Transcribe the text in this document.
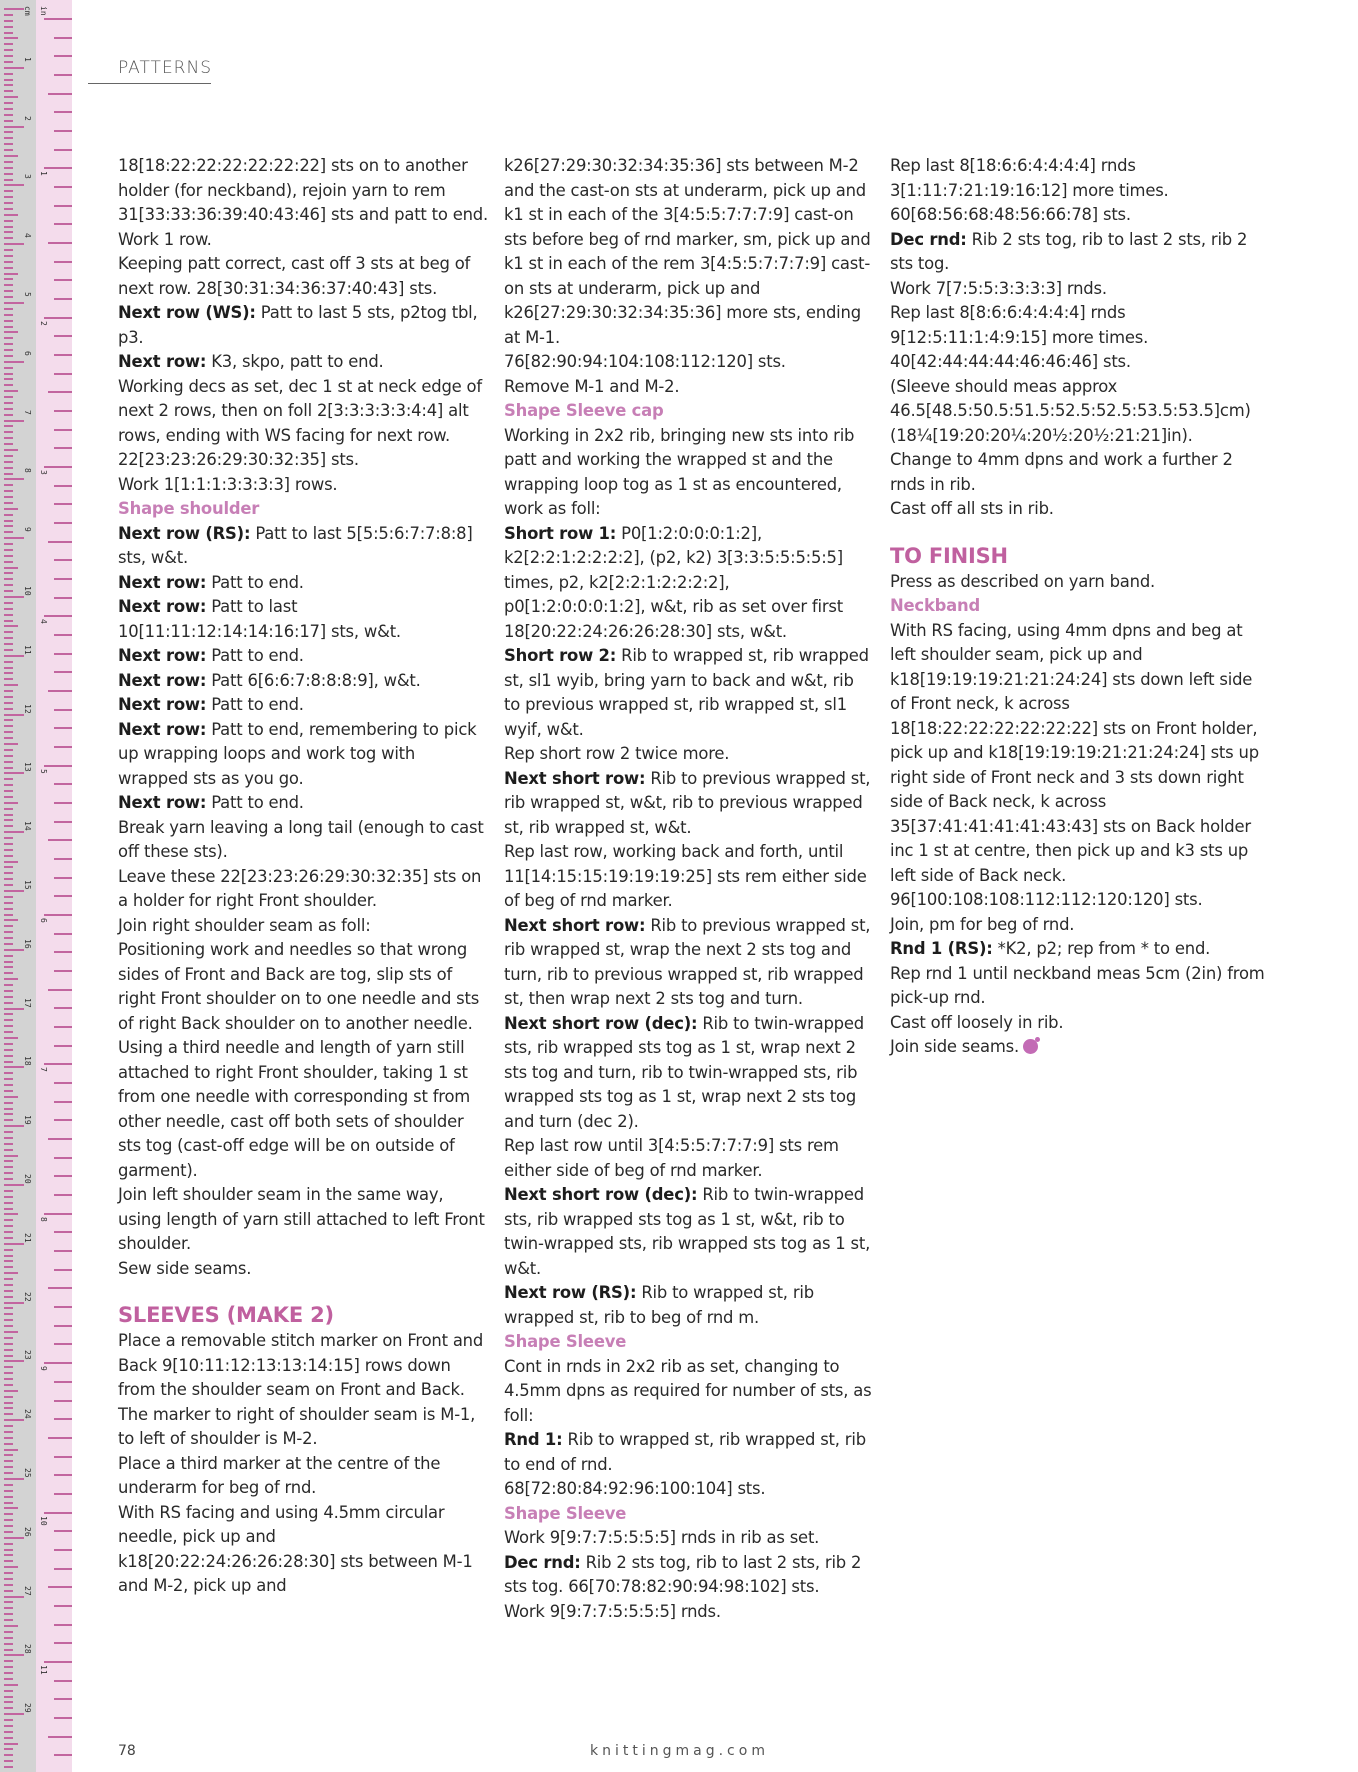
1
2
3
4
5
6
7
8
9
10
11
12
13
14
15
16
17
18
19
20
21
22
23
24
25
26
27
28
29
1
2
3
4
5
6
7
8
9
10
11
cm in
PATTERNS

18[18:22:22:22:22:22:22] sts on to another holder (for neckband), rejoin yarn to rem 31[33:33:36:39:40:43:46] sts and patt to end.

Work 1 row.

Keeping patt correct, cast off 3 sts at beg of next row. 28[30:31:34:36:37:40:43] sts.

Next row (WS): Patt to last 5 sts, p2tog tbl, p3.

Next row: K3, skpo, patt to end.

Working decs as set, dec 1 st at neck edge of next 2 rows, then on foll 2[3:3:3:3:3:4:4] alt rows, ending with WS facing for next row. 22[23:23:26:29:30:32:35] sts.

Work 1[1:1:1:3:3:3:3] rows.

Shape shoulder

Next row (RS): Patt to last 5[5:5:6:7:7:8:8] sts, w&t.

Next row: Patt to end.

Next row: Patt to last 10[11:11:12:14:14:16:17] sts, w&t.

Next row: Patt to end.

Next row: Patt 6[6:6:7:8:8:8:9], w&t.

Next row: Patt to end.

Next row: Patt to end, remembering to pick up wrapping loops and work tog with wrapped sts as you go.

Next row: Patt to end.

Break yarn leaving a long tail (enough to cast off these sts).

Leave these 22[23:23:26:29:30:32:35] sts on a holder for right Front shoulder.

Join right shoulder seam as foll:

Positioning work and needles so that wrong sides of Front and Back are tog, slip sts of right Front shoulder on to one needle and sts of right Back shoulder on to another needle.

Using a third needle and length of yarn still attached to right Front shoulder, taking 1 st from one needle with corresponding st from other needle, cast off both sets of shoulder sts tog (cast-off edge will be on outside of garment).

Join left shoulder seam in the same way, using length of yarn still attached to left Front shoulder.

Sew side seams.

SLEEVES (MAKE 2)

Place a removable stitch marker on Front and Back 9[10:11:12:13:13:14:15] rows down from the shoulder seam on Front and Back. The marker to right of shoulder seam is M-1, to left of shoulder is M-2.

Place a third marker at the centre of the underarm for beg of rnd.

With RS facing and using 4.5mm circular needle, pick up and k18[20:22:24:26:26:28:30] sts between M-1 and M-2, pick up and

k26[27:29:30:32:34:35:36] sts between M-2 and the cast-on sts at underarm, pick up and k1 st in each of the 3[4:5:5:7:7:7:9] cast-on sts before beg of rnd marker, sm, pick up and k1 st in each of the rem 3[4:5:5:7:7:7:9] cast-on sts at underarm, pick up and k26[27:29:30:32:34:35:36] more sts, ending at M-1.

76[82:90:94:104:108:112:120] sts.

Remove M-1 and M-2.

Shape Sleeve cap

Working in 2x2 rib, bringing new sts into rib patt and working the wrapped st and the wrapping loop tog as 1 st as encountered, work as foll:

Short row 1: P0[1:2:0:0:0:1:2], k2[2:2:1:2:2:2:2], (p2, k2) 3[3:3:5:5:5:5:5] times, p2, k2[2:2:1:2:2:2:2], p0[1:2:0:0:0:1:2], w&t, rib as set over first 18[20:22:24:26:26:28:30] sts, w&t.

Short row 2: Rib to wrapped st, rib wrapped st, sl1 wyib, bring yarn to back and w&t, rib to previous wrapped st, rib wrapped st, sl1 wyif, w&t.

Rep short row 2 twice more.

Next short row: Rib to previous wrapped st, rib wrapped st, w&t, rib to previous wrapped st, rib wrapped st, w&t.

Rep last row, working back and forth, until 11[14:15:15:19:19:19:25] sts rem either side of beg of rnd marker.

Next short row: Rib to previous wrapped st, rib wrapped st, wrap the next 2 sts tog and turn, rib to previous wrapped st, rib wrapped st, then wrap next 2 sts tog and turn.

Next short row (dec): Rib to twin-wrapped sts, rib wrapped sts tog as 1 st, wrap next 2 sts tog and turn, rib to twin-wrapped sts, rib wrapped sts tog as 1 st, wrap next 2 sts tog and turn (dec 2).

Rep last row until 3[4:5:5:7:7:7:9] sts rem either side of beg of rnd marker.

Next short row (dec): Rib to twin-wrapped sts, rib wrapped sts tog as 1 st, w&t, rib to twin-wrapped sts, rib wrapped sts tog as 1 st, w&t.

Next row (RS): Rib to wrapped st, rib wrapped st, rib to beg of rnd m.

Shape Sleeve

Cont in rnds in 2x2 rib as set, changing to 4.5mm dpns as required for number of sts, as foll:

Rnd 1: Rib to wrapped st, rib wrapped st, rib to end of rnd.

68[72:80:84:92:96:100:104] sts.

Shape Sleeve

Work 9[9:7:7:5:5:5:5] rnds in rib as set.

Dec rnd: Rib 2 sts tog, rib to last 2 sts, rib 2 sts tog. 66[70:78:82:90:94:98:102] sts.

Work 9[9:7:7:5:5:5:5] rnds.

Rep last 8[18:6:6:4:4:4:4] rnds 3[1:11:7:21:19:16:12] more times. 60[68:56:68:48:56:66:78] sts.

Dec rnd: Rib 2 sts tog, rib to last 2 sts, rib 2 sts tog.

Work 7[7:5:5:3:3:3:3] rnds.

Rep last 8[8:6:6:4:4:4:4] rnds 9[12:5:11:1:4:9:15] more times. 40[42:44:44:44:46:46:46] sts.

(Sleeve should meas approx 46.5[48.5:50.5:51.5:52.5:52.5:53.5:53.5]cm) (18¼[19:20:20¼:20½:20½:21:21]in).

Change to 4mm dpns and work a further 2 rnds in rib.

Cast off all sts in rib.

TO FINISH

Press as described on yarn band.

Neckband

With RS facing, using 4mm dpns and beg at left shoulder seam, pick up and k18[19:19:19:21:21:24:24] sts down left side of Front neck, k across 18[18:22:22:22:22:22:22] sts on Front holder, pick up and k18[19:19:19:21:21:24:24] sts up right side of Front neck and 3 sts down right side of Back neck, k across 35[37:41:41:41:41:43:43] sts on Back holder inc 1 st at centre, then pick up and k3 sts up left side of Back neck. 96[100:108:108:112:112:120:120] sts.

Join, pm for beg of rnd.

Rnd 1 (RS): *K2, p2; rep from * to end.

Rep rnd 1 until neckband meas 5cm (2in) from pick-up rnd.

Cast off loosely in rib.

Join side seams.

78	knittingmag.com
